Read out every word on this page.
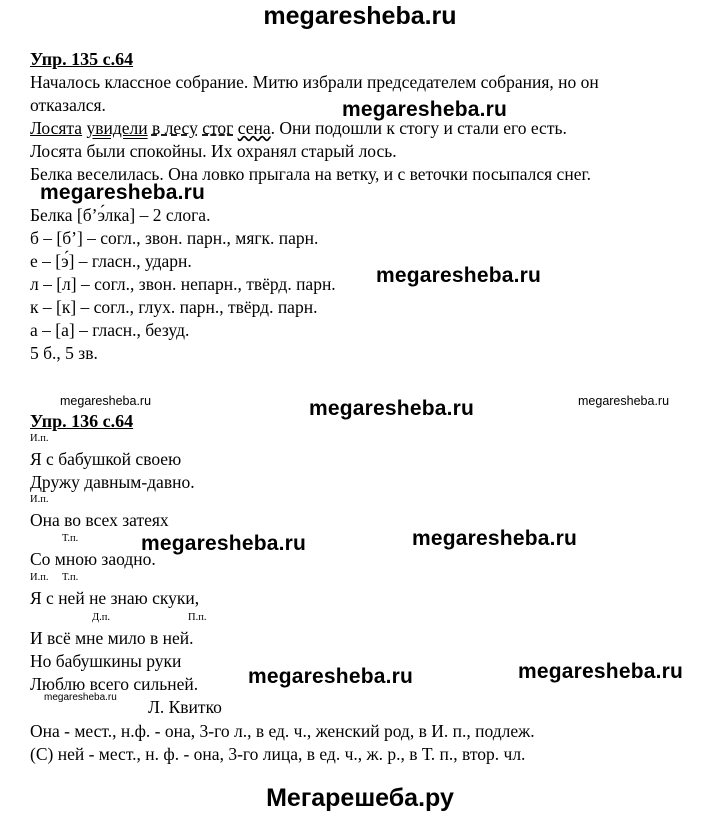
megaresheba.ru
Упр. 135 с.64
Началось классное собрание. Митю избрали председателем собрания, но он
отказался.
Лосята увидели в лесу стог сена. Они подошли к стогу и стали его есть.
Лосята были спокойны. Их охранял старый лось.
Белка веселилась. Она ловко прыгала на ветку, и с веточки посыпался снег.
Белка [б’э́лка] – 2 слога.
б – [б’] – согл., звон. парн., мягк. парн.
е – [э́] – гласн., ударн.
л – [л] – согл., звон. непарн., твёрд. парн.
к – [к] – согл., глух. парн., твёрд. парн.
а – [а] – гласн., безуд.
5 б., 5 зв.
Упр. 136 с.64
И.п.
Я с бабушкой своею
Дружу давным-давно.
И.п.
Она во всех затеях
Т.п.
Со мною заодно.
И.п. Т.п.
Я с ней не знаю скуки,
Д.п.	П.п.
И всё мне мило в ней.
Но бабушкины руки
Люблю всего сильней.
Л. Квитко
Она - мест., н.ф. - она, 3-го л., в ед. ч., женский род, в И. п., подлеж.
(С) ней - мест., н. ф. - она, 3-го лица, в ед. ч., ж. р., в Т. п., втор. чл.
megaresheba.ru
megaresheba.ru
megaresheba.ru
megaresheba.ru	megaresheba.ru	megaresheba.ru
megaresheba.ru	megaresheba.ru
megaresheba.ru	megaresheba.ru
megaresheba.ru
Мегарешеба.ру
